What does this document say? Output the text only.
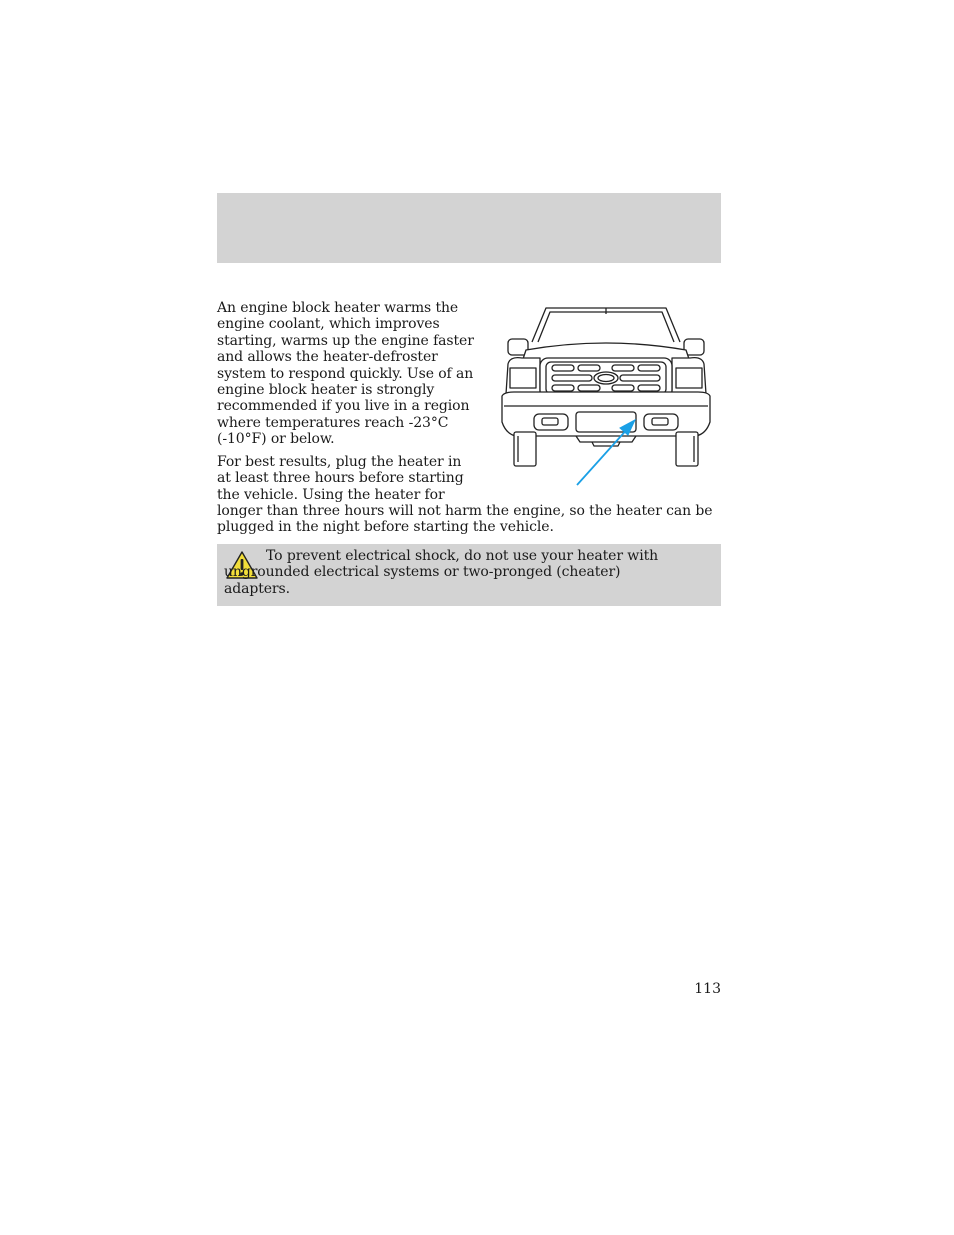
An engine block heater warms the engine coolant, which improves starting, warms up the engine faster and allows the heater-defroster system to respond quickly. Use of an engine block heater is strongly recommended if you live in a region where temperatures reach -23°C (-10°F) or below.

For best results, plug the heater in at least three hours before starting the vehicle. Using the heater for

longer than three hours will not harm the engine, so the heater can be plugged in the night before starting the vehicle.

To prevent electrical shock, do not use your heater with ungrounded electrical systems or two-pronged (cheater) adapters.

113
